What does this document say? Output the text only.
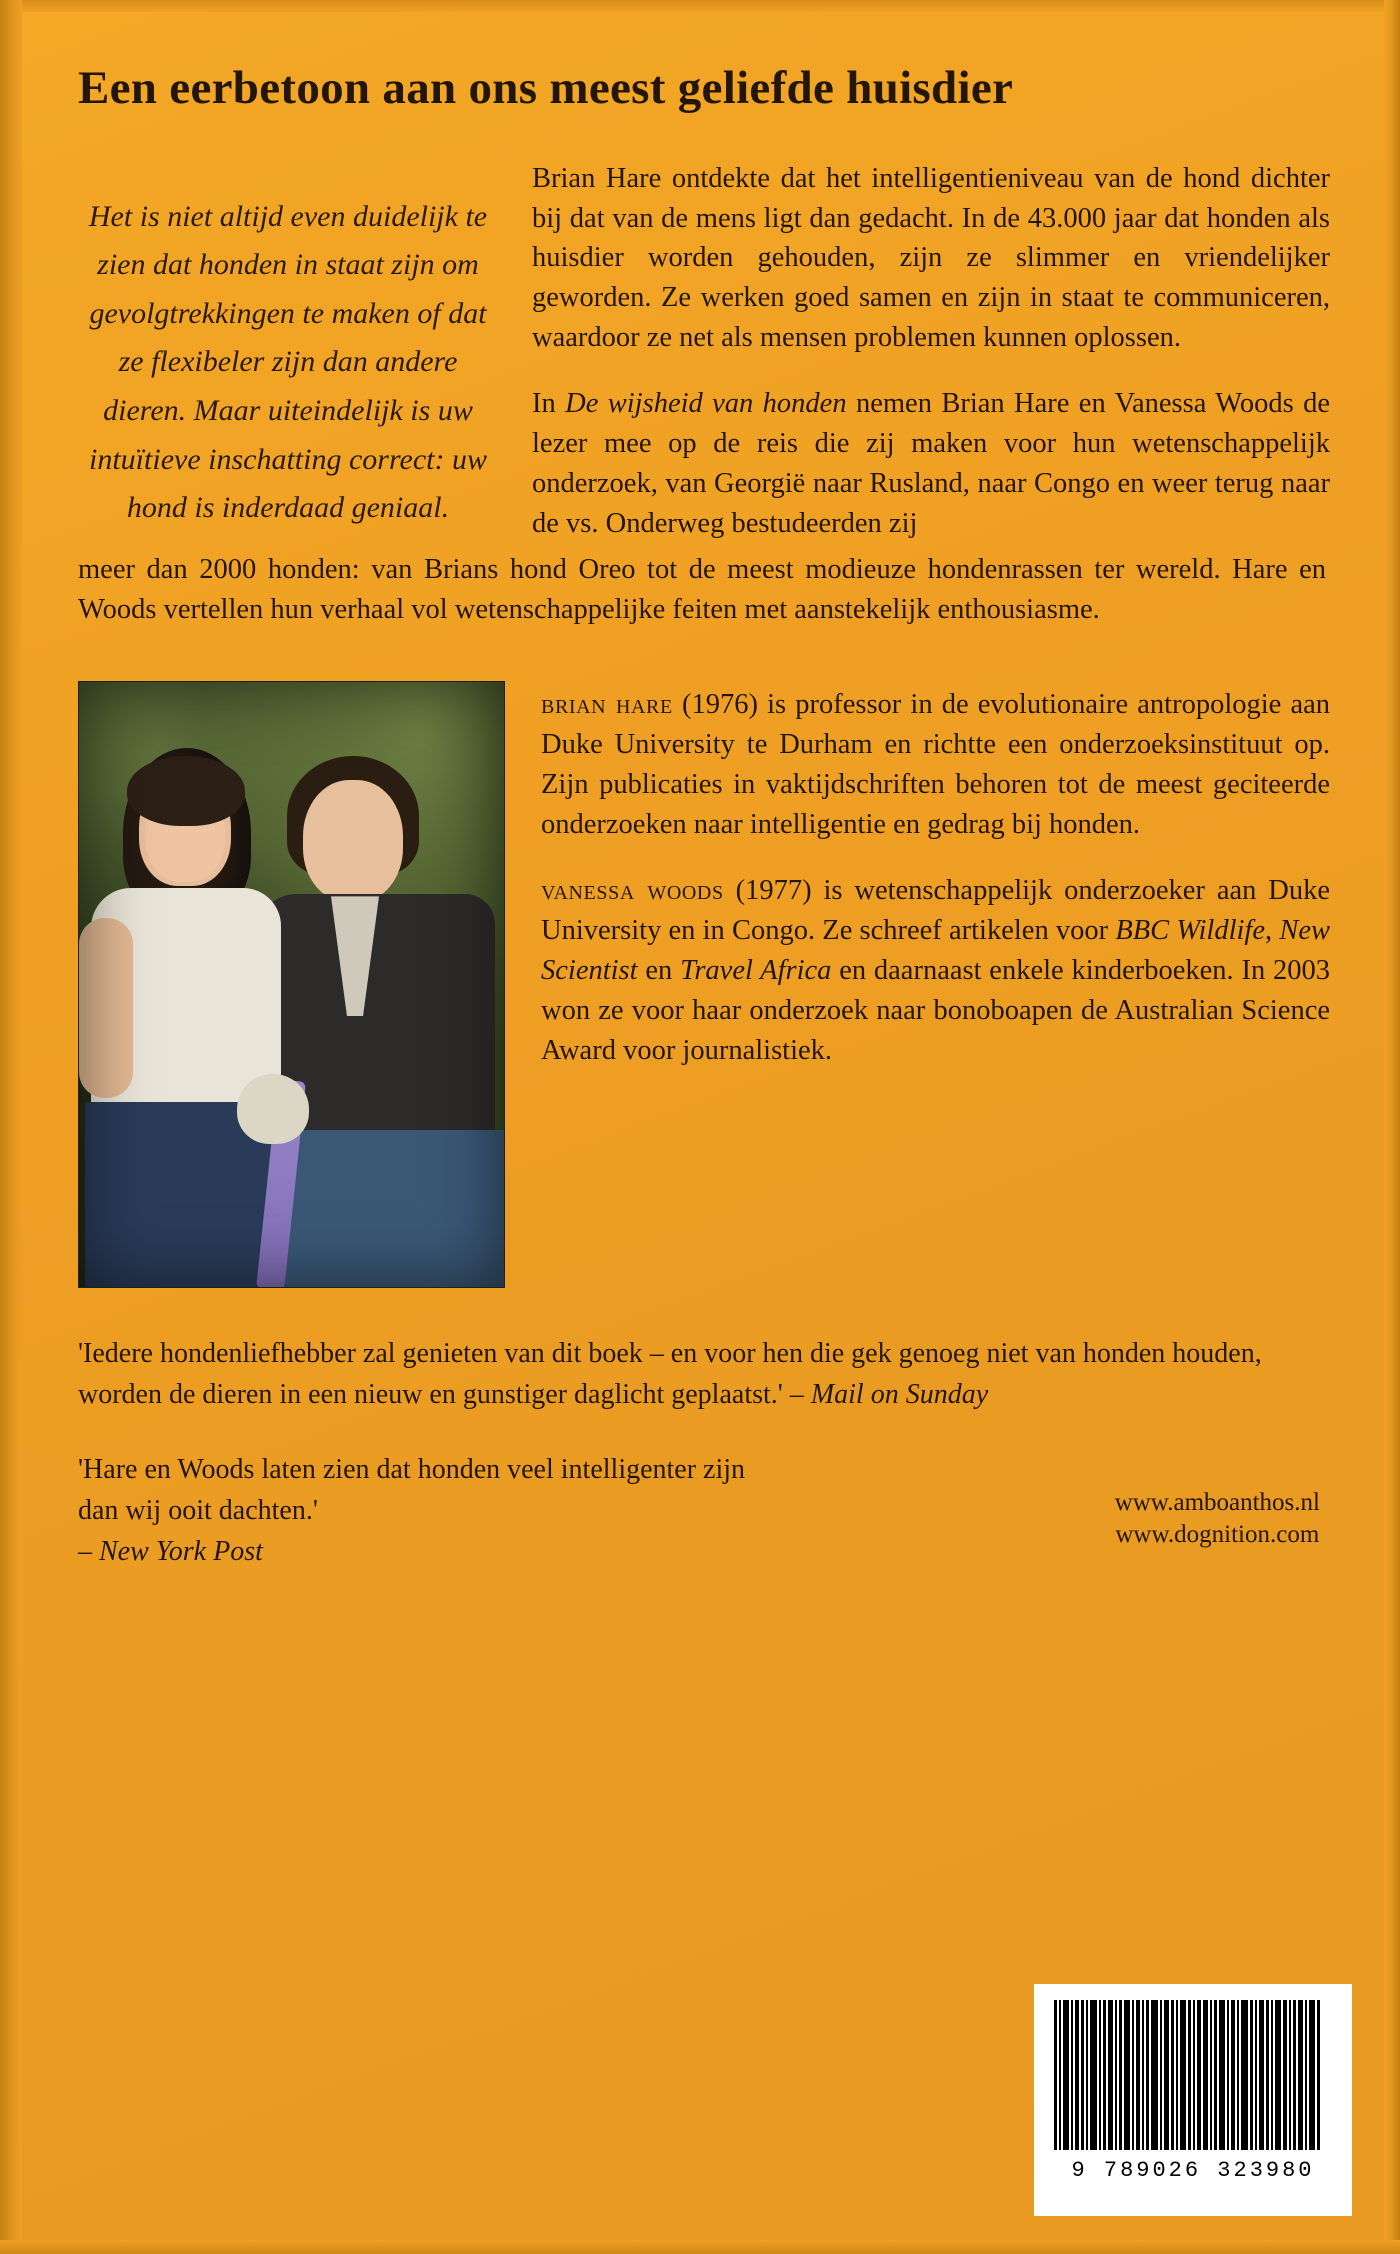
Een eerbetoon aan ons meest geliefde huisdier

Het is niet altijd even duidelijk te zien dat honden in staat zijn om gevolgtrekkingen te maken of dat ze flexibeler zijn dan andere dieren. Maar uiteindelijk is uw intuïtieve inschatting correct: uw hond is inderdaad geniaal.

Brian Hare ontdekte dat het intelligentieniveau van de hond dichter bij dat van de mens ligt dan gedacht. In de 43.000 jaar dat honden als huisdier worden gehouden, zijn ze slimmer en vriendelijker geworden. Ze werken goed samen en zijn in staat te communiceren, waardoor ze net als mensen problemen kunnen oplossen.

In De wijsheid van honden nemen Brian Hare en Vanessa Woods de lezer mee op de reis die zij maken voor hun wetenschappelijk onderzoek, van Georgië naar Rusland, naar Congo en weer terug naar de vs. Onderweg bestudeerden zij

meer dan 2000 honden: van Brians hond Oreo tot de meest modieuze hondenrassen ter wereld. Hare en Woods vertellen hun verhaal vol wetenschappelijke feiten met aanstekelijk enthousiasme.

brian hare (1976) is professor in de evolutionaire antropologie aan Duke University te Durham en richtte een onderzoeksinstituut op. Zijn publicaties in vaktijdschriften behoren tot de meest geciteerde onderzoeken naar intelligentie en gedrag bij honden.

vanessa woods (1977) is wetenschappelijk onderzoeker aan Duke University en in Congo. Ze schreef artikelen voor BBC Wildlife, New Scientist en Travel Africa en daarnaast enkele kinderboeken. In 2003 won ze voor haar onderzoek naar bonoboapen de Australian Science Award voor journalistiek.

'Iedere hondenliefhebber zal genieten van dit boek – en voor hen die gek genoeg niet van honden houden, worden de dieren in een nieuw en gunstiger daglicht geplaatst.' – Mail on Sunday

'Hare en Woods laten zien dat honden veel intelligenter zijn dan wij ooit dachten.'
– New York Post

www.amboanthos.nl
www.dognition.com
9 789026 323980
